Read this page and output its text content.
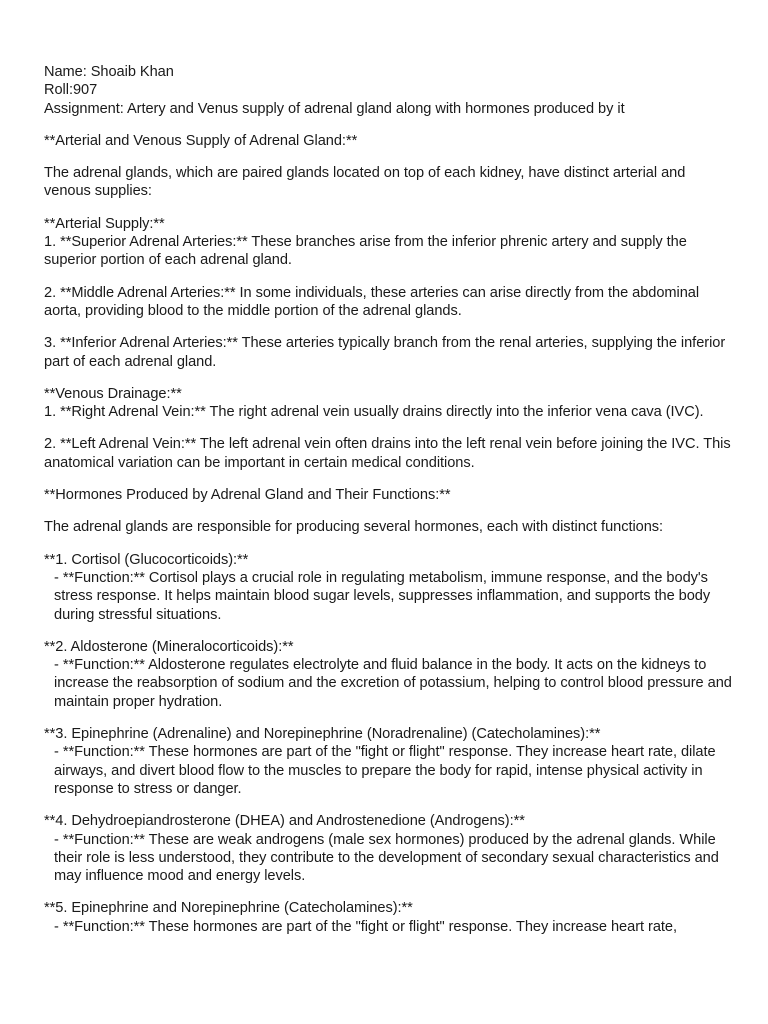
Name: Shoaib Khan
Roll:907
Assignment: Artery and Venus supply of adrenal gland along with hormones produced by it
**Arterial and Venous Supply of Adrenal Gland:**
The adrenal glands, which are paired glands located on top of each kidney, have distinct arterial and venous supplies:
**Arterial Supply:**
1. **Superior Adrenal Arteries:** These branches arise from the inferior phrenic artery and supply the superior portion of each adrenal gland.
2. **Middle Adrenal Arteries:** In some individuals, these arteries can arise directly from the abdominal aorta, providing blood to the middle portion of the adrenal glands.
3. **Inferior Adrenal Arteries:** These arteries typically branch from the renal arteries, supplying the inferior part of each adrenal gland.
**Venous Drainage:**
1. **Right Adrenal Vein:** The right adrenal vein usually drains directly into the inferior vena cava (IVC).
2. **Left Adrenal Vein:** The left adrenal vein often drains into the left renal vein before joining the IVC. This anatomical variation can be important in certain medical conditions.
**Hormones Produced by Adrenal Gland and Their Functions:**
The adrenal glands are responsible for producing several hormones, each with distinct functions:
**1. Cortisol (Glucocorticoids):**
- **Function:** Cortisol plays a crucial role in regulating metabolism, immune response, and the body's stress response. It helps maintain blood sugar levels, suppresses inflammation, and supports the body during stressful situations.
**2. Aldosterone (Mineralocorticoids):**
- **Function:** Aldosterone regulates electrolyte and fluid balance in the body. It acts on the kidneys to increase the reabsorption of sodium and the excretion of potassium, helping to control blood pressure and maintain proper hydration.
**3. Epinephrine (Adrenaline) and Norepinephrine (Noradrenaline) (Catecholamines):**
- **Function:** These hormones are part of the "fight or flight" response. They increase heart rate, dilate airways, and divert blood flow to the muscles to prepare the body for rapid, intense physical activity in response to stress or danger.
**4. Dehydroepiandrosterone (DHEA) and Androstenedione (Androgens):**
- **Function:** These are weak androgens (male sex hormones) produced by the adrenal glands. While their role is less understood, they contribute to the development of secondary sexual characteristics and may influence mood and energy levels.
**5. Epinephrine and Norepinephrine (Catecholamines):**
- **Function:** These hormones are part of the "fight or flight" response. They increase heart rate,
